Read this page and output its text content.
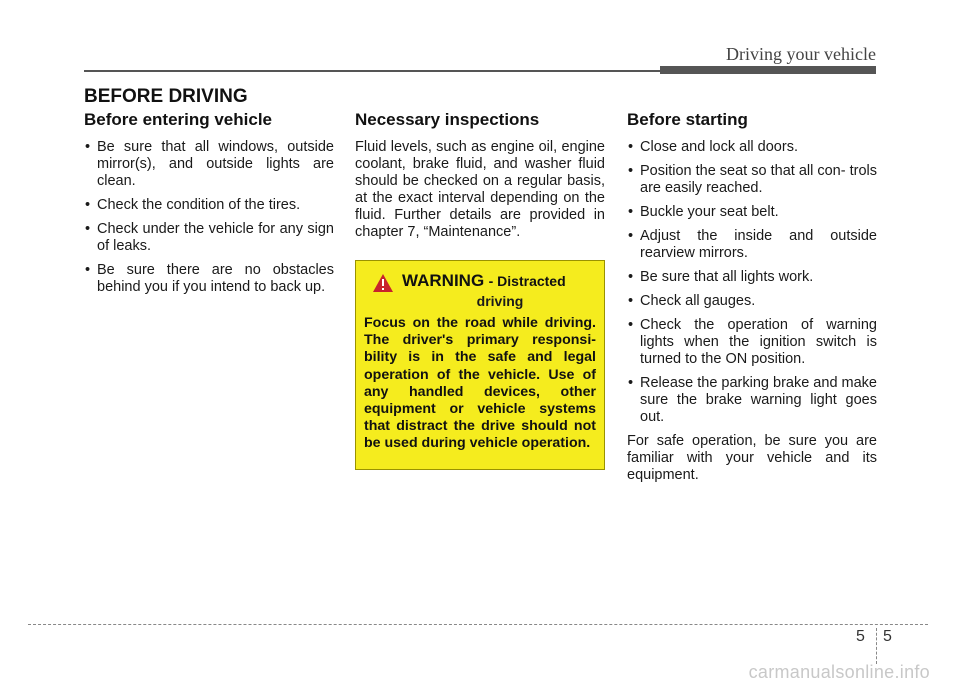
Driving your vehicle
BEFORE DRIVING
Before entering vehicle
• Be sure that all windows, outside mirror(s), and outside lights are clean.
• Check the condition of the tires.
• Check under the vehicle for any sign of leaks.
• Be sure there are no obstacles behind you if you intend to back up.
Necessary inspections

Fluid levels, such as engine oil, engine coolant, brake fluid, and washer fluid should be checked on a regular basis, at the exact interval depending on the fluid. Further details are provided in chapter 7, “Maintenance”.

WARNING - Distracted
driving
Focus on the road while driving. The driver's primary responsi- bility is in the safe and legal operation of the vehicle. Use of any handled devices, other equipment or vehicle systems that distract the drive should not be used during vehicle operation.
Before starting
• Close and lock all doors.
• Position the seat so that all con- trols are easily reached.
• Buckle your seat belt.
• Adjust the inside and outside rearview mirrors.
• Be sure that all lights work.
• Check all gauges.
• Check the operation of warning lights when the ignition switch is turned to the ON position.
• Release the parking brake and make sure the brake warning light goes out.

For safe operation, be sure you are familiar with your vehicle and its equipment.

5 5
carmanualsonline.info
